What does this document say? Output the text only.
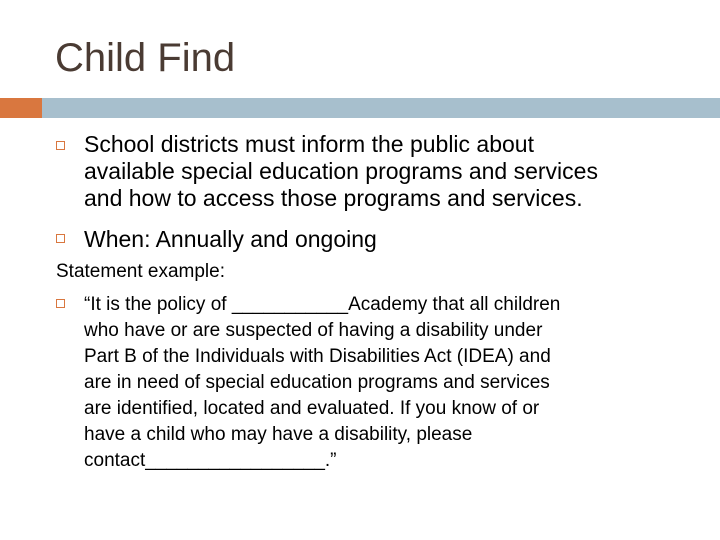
Child Find
School districts must inform the public about
available special education programs and services
and how to access those programs and services.
When: Annually and ongoing
Statement example:
“It is the policy of ___________Academy that all children
who have or are suspected of having a disability under
Part B of the Individuals with Disabilities Act (IDEA) and
are in need of special education programs and services
are identified, located and evaluated. If you know of or
have a child who may have a disability, please
contact_________________.”
